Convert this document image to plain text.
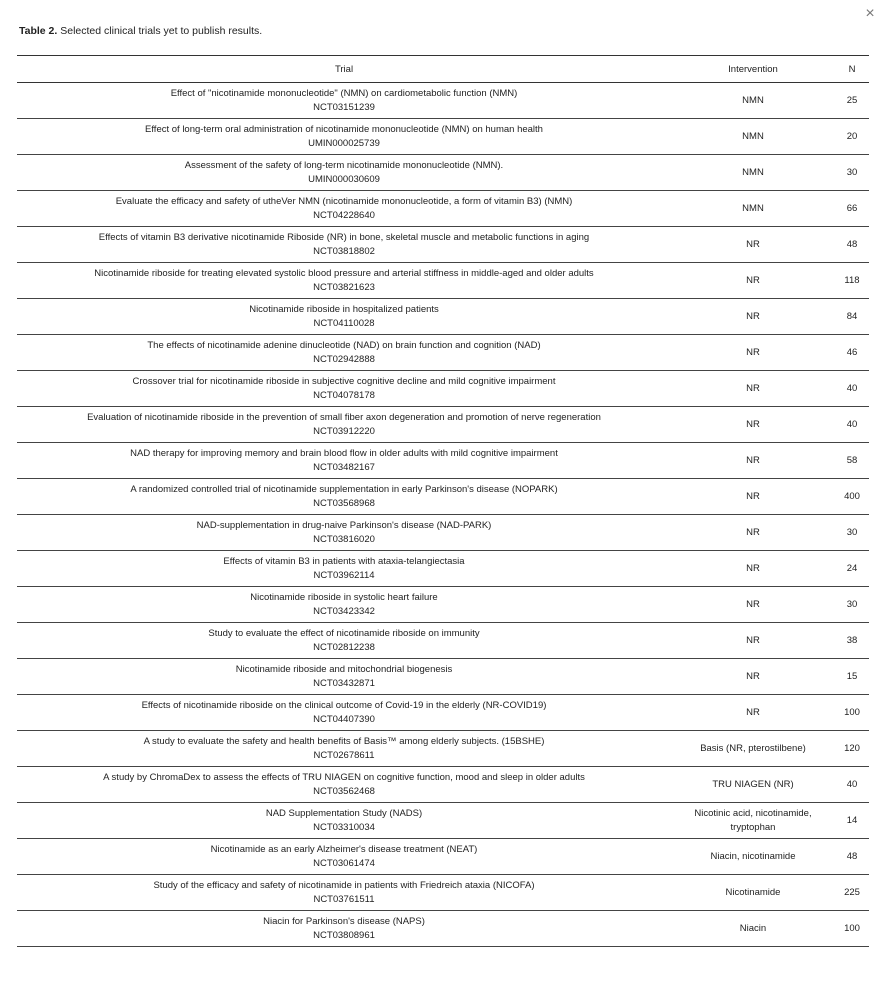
×
Table 2. Selected clinical trials yet to publish results.
Trial	Intervention	N

Effect of "nicotinamide mononucleotide" (NMN) on cardiometabolic function (NMN)
NCT03151239	NMN	25

Effect of long-term oral administration of nicotinamide mononucleotide (NMN) on human health
UMIN000025739	NMN	20

Assessment of the safety of long-term nicotinamide mononucleotide (NMN).
UMIN000030609	NMN	30

Evaluate the efficacy and safety of utheVer NMN (nicotinamide mononucleotide, a form of vitamin B3) (NMN)
NCT04228640	NMN	66

Effects of vitamin B3 derivative nicotinamide Riboside (NR) in bone, skeletal muscle and metabolic functions in aging
NCT03818802	NR	48

Nicotinamide riboside for treating elevated systolic blood pressure and arterial stiffness in middle-aged and older adults
NCT03821623	NR	118

Nicotinamide riboside in hospitalized patients
NCT04110028	NR	84

The effects of nicotinamide adenine dinucleotide (NAD) on brain function and cognition (NAD)
NCT02942888	NR	46

Crossover trial for nicotinamide riboside in subjective cognitive decline and mild cognitive impairment
NCT04078178	NR	40

Evaluation of nicotinamide riboside in the prevention of small fiber axon degeneration and promotion of nerve regeneration
NCT03912220	NR	40

NAD therapy for improving memory and brain blood flow in older adults with mild cognitive impairment
NCT03482167	NR	58

A randomized controlled trial of nicotinamide supplementation in early Parkinson's disease (NOPARK)
NCT03568968	NR	400

NAD-supplementation in drug-naive Parkinson's disease (NAD-PARK)
NCT03816020	NR	30

Effects of vitamin B3 in patients with ataxia-telangiectasia
NCT03962114	NR	24

Nicotinamide riboside in systolic heart failure
NCT03423342	NR	30

Study to evaluate the effect of nicotinamide riboside on immunity
NCT02812238	NR	38

Nicotinamide riboside and mitochondrial biogenesis
NCT03432871	NR	15

Effects of nicotinamide riboside on the clinical outcome of Covid-19 in the elderly (NR-COVID19)
NCT04407390	NR	100

A study to evaluate the safety and health benefits of Basis™ among elderly subjects. (15BSHE)
NCT02678611	Basis (NR, pterostilbene)	120

A study by ChromaDex to assess the effects of TRU NIAGEN on cognitive function, mood and sleep in older adults
NCT03562468	TRU NIAGEN (NR)	40

NAD Supplementation Study (NADS)
NCT03310034	Nicotinic acid, nicotinamide, tryptophan	14

Nicotinamide as an early Alzheimer's disease treatment (NEAT)
NCT03061474	Niacin, nicotinamide	48

Study of the efficacy and safety of nicotinamide in patients with Friedreich ataxia (NICOFA)
NCT03761511	Nicotinamide	225

Niacin for Parkinson's disease (NAPS)
NCT03808961	Niacin	100
